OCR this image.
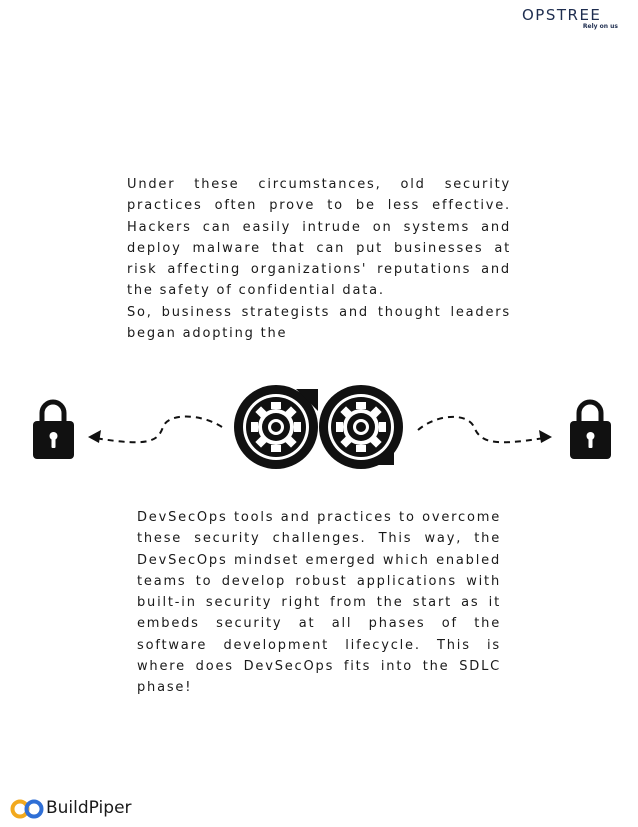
OPSTREE
Rely on us

Under these circumstances, old security practices often prove to be less effective. Hackers can easily intrude on systems and deploy malware that can put businesses at risk affecting organizations' reputations and the safety of confidential data.

So, business strategists and thought leaders began adopting the

DevSecOps tools and practices to overcome these security challenges. This way, the DevSecOps mindset emerged which enabled teams to develop robust applications with built-in security right from the start as it embeds security at all phases of the software development lifecycle. This is where does DevSecOps fits into the SDLC phase!

BuildPiper
